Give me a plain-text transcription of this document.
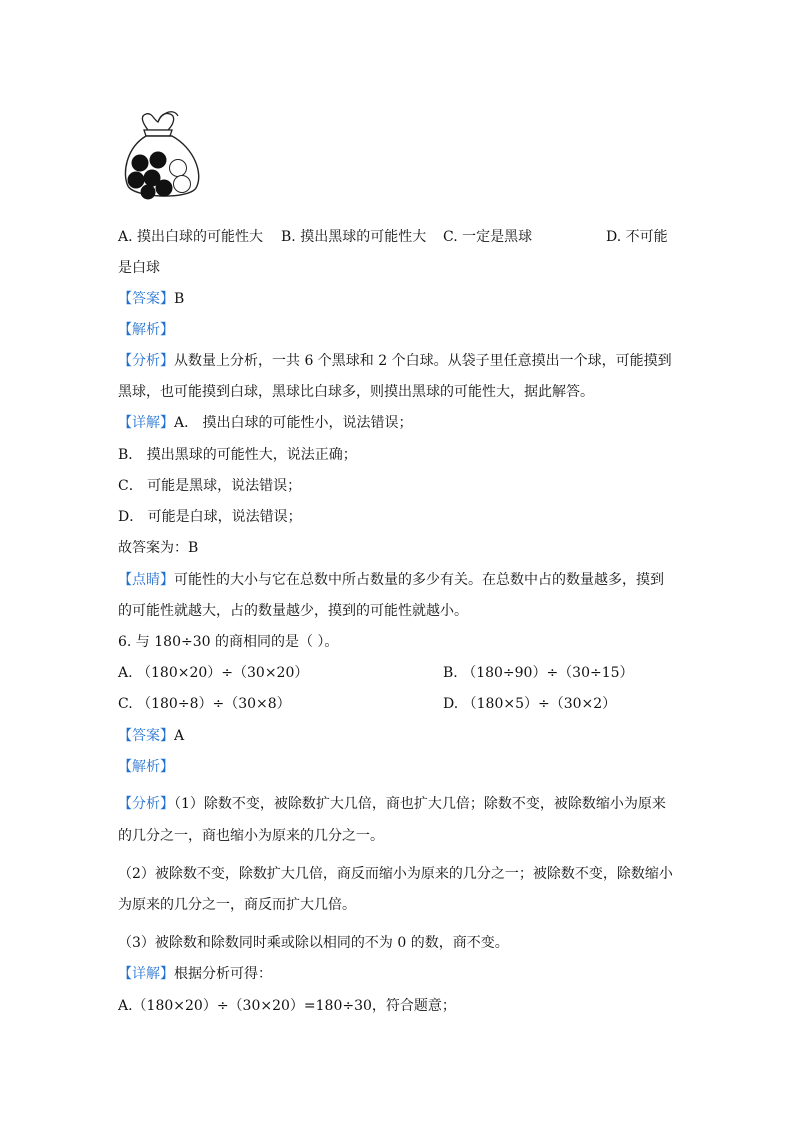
A. 摸出白球的可能性大 B. 摸出黑球的可能性大 C. 一定是黑球	D. 不可能
是白球
【答案】B
【解析】
【分析】从数量上分析，一共 6 个黑球和 2 个白球。从袋子里任意摸出一个球，可能摸到
黑球，也可能摸到白球，黑球比白球多，则摸出黑球的可能性大，据此解答。
【详解】A． 摸出白球的可能性小，说法错误；
B． 摸出黑球的可能性大，说法正确；
C． 可能是黑球，说法错误；
D． 可能是白球，说法错误；
故答案为：B
【点睛】可能性的大小与它在总数中所占数量的多少有关。在总数中占的数量越多，摸到
的可能性就越大，占的数量越少，摸到的可能性就越小。
6. 与 180÷30 的商相同的是（ ）。
A. （180×20）÷（30×20）	B. （180÷90）÷（30÷15）
C. （180÷8）÷（30×8）	D. （180×5）÷（30×2）
【答案】A
【解析】
【分析】（1）除数不变，被除数扩大几倍，商也扩大几倍；除数不变，被除数缩小为原来
的几分之一，商也缩小为原来的几分之一。
（2）被除数不变，除数扩大几倍，商反而缩小为原来的几分之一；被除数不变，除数缩小
为原来的几分之一，商反而扩大几倍。
（3）被除数和除数同时乘或除以相同的不为 0 的数，商不变。
【详解】根据分析可得：
A.（180×20）÷（30×20）=180÷30，符合题意；
